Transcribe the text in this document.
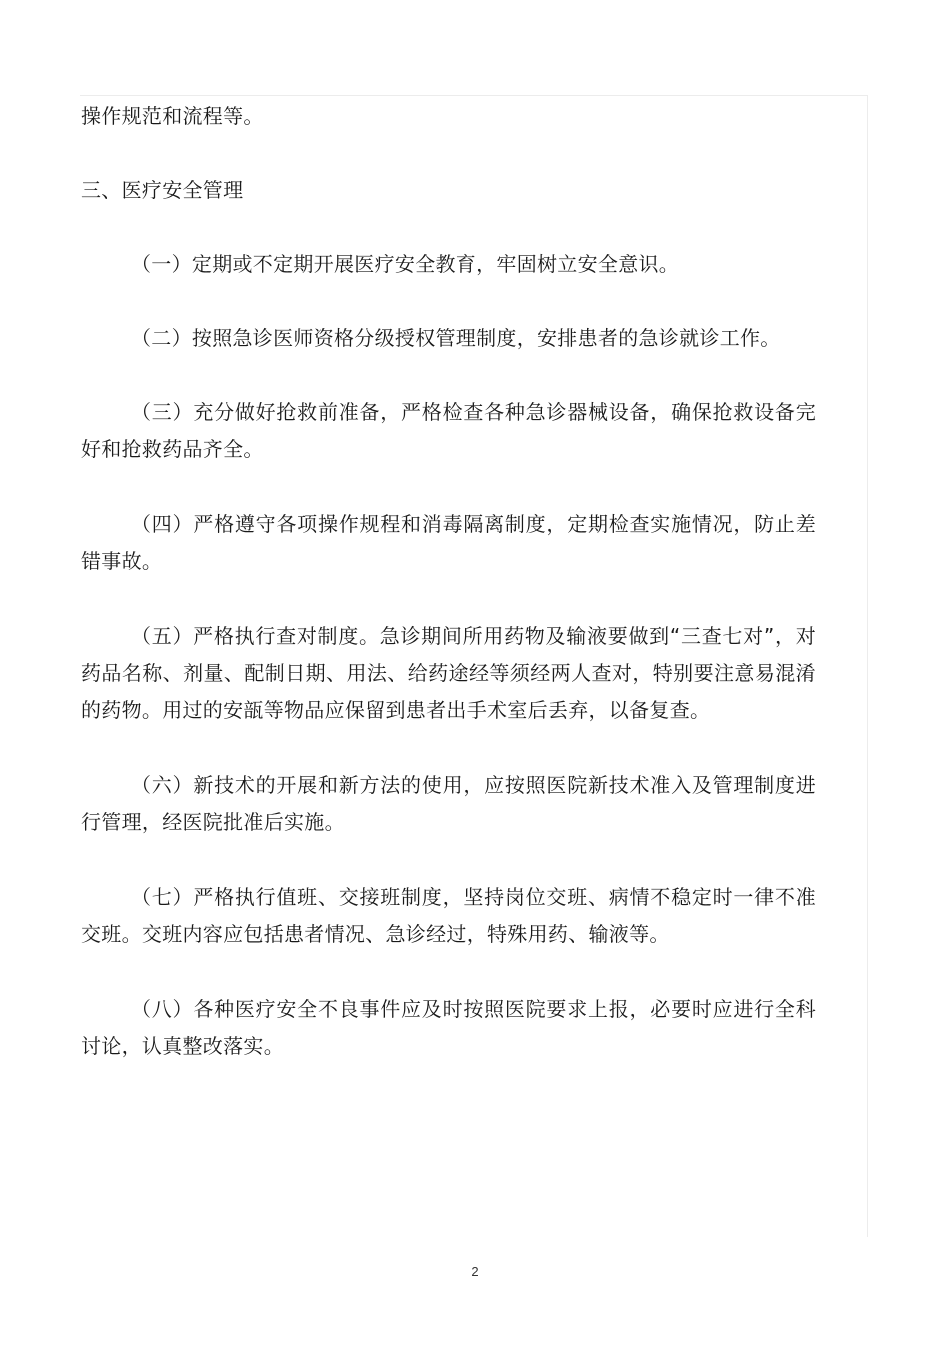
操作规范和流程等。

三、医疗安全管理

（一）定期或不定期开展医疗安全教育，牢固树立安全意识。

（二）按照急诊医师资格分级授权管理制度，安排患者的急诊就诊工作。

（三）充分做好抢救前准备，严格检查各种急诊器械设备，确保抢救设备完好和抢救药品齐全。

（四）严格遵守各项操作规程和消毒隔离制度，定期检查实施情况，防止差错事故。

（五）严格执行查对制度。急诊期间所用药物及输液要做到“三查七对”，对药品名称、剂量、配制日期、用法、给药途经等须经两人查对，特别要注意易混淆的药物。用过的安瓿等物品应保留到患者出手术室后丢弃，以备复查。

（六）新技术的开展和新方法的使用，应按照医院新技术准入及管理制度进行管理，经医院批准后实施。

（七）严格执行值班、交接班制度，坚持岗位交班、病情不稳定时一律不准交班。交班内容应包括患者情况、急诊经过，特殊用药、输液等。

（八）各种医疗安全不良事件应及时按照医院要求上报，必要时应进行全科讨论，认真整改落实。

2
